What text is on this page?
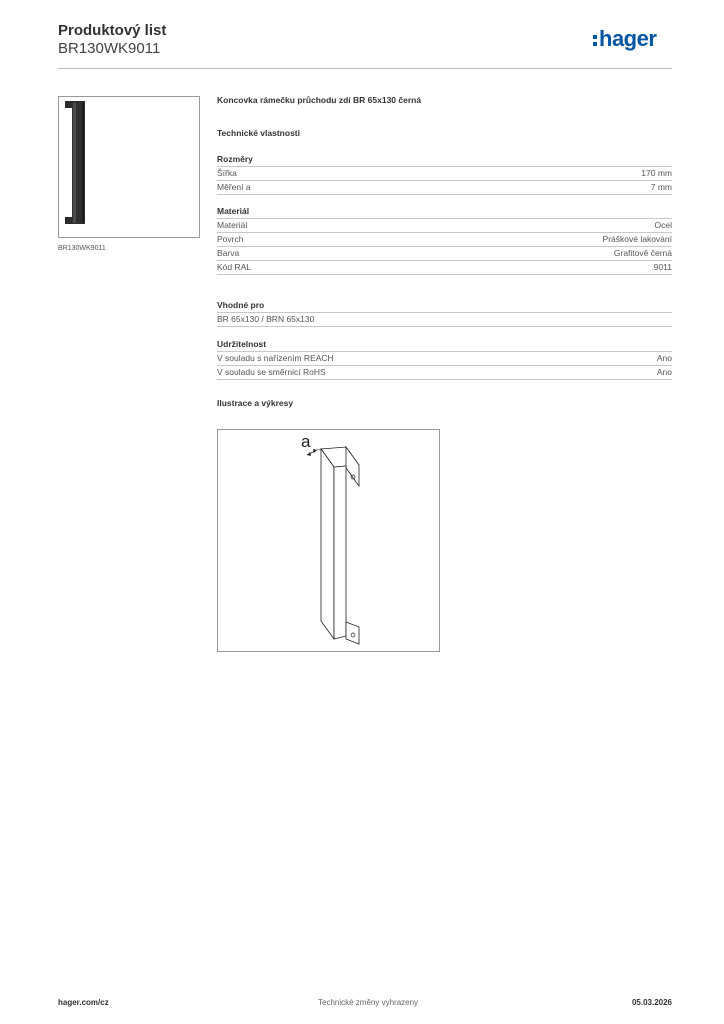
Produktový list
BR130WK9011	hager
BR130WK9011

Koncovka rámečku průchodu zdí BR 65x130 černá

Technické vlastnosti

Rozměry

Šířka	170 mm
Měření a	7 mm

Materiál

Materiál	Ocel
Povrch	Práškové lakování
Barva	Grafitově černá
Kód RAL	9011

Vhodné pro

BR 65x130 / BRN 65x130

Udržitelnost

V souladu s nařízením REACH	Ano
V souladu se směrnicí RoHS	Ano

Ilustrace a výkresy

a
hager.com/cz	Technické změny vyhrazeny	05.03.2026
